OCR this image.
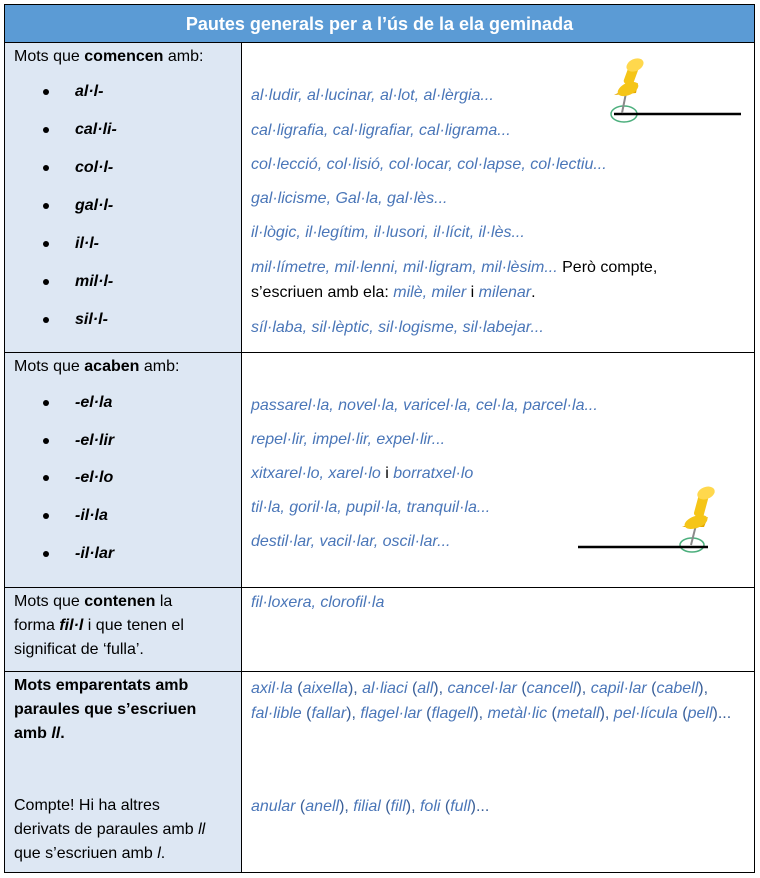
Pautes generals per a l’ús de la ela geminada
Mots que comencen amb:
al·l-
cal·li-
col·l-
gal·l-
il·l-
mil·l-
sil·l-
al·ludir, al·lucinar, al·lot, al·lèrgia...
cal·ligrafia, cal·ligrafiar, cal·ligrama...
col·lecció, col·lisió, col·locar, col·lapse, col·lectiu...
gal·licisme, Gal·la, gal·lès...
il·lògic, il·legítim, il·lusori, il·lícit, il·lès...
mil·límetre, mil·lenni, mil·ligram, mil·lèsim... Però compte,
s’escriuen amb ela: milè, miler i milenar.
síl·laba, sil·lèptic, sil·logisme, sil·labejar...
Mots que acaben amb:
-el·la
-el·lir
-el·lo
-il·la
-il·lar
passarel·la, novel·la, varicel·la, cel·la, parcel·la...
repel·lir, impel·lir, expel·lir...
xitxarel·lo, xarel·lo i borratxel·lo
til·la, goril·la, pupil·la, tranquil·la...
destil·lar, vacil·lar, oscil·lar...
Mots que contenen la
forma fil·l i que tenen el
significat de ‘fulla’.
fil·loxera, clorofil·la
Mots emparentats amb
paraules que s’escriuen
amb ll.
Compte! Hi ha altres
derivats de paraules amb ll
que s’escriuen amb l.
axil·la (aixella), al·liaci (all), cancel·lar (cancell), capil·lar (cabell), fal·lible (fallar), flagel·lar (flagell), metàl·lic (metall), pel·lícula (pell)...
anular (anell), filial (fill), foli (full)...
